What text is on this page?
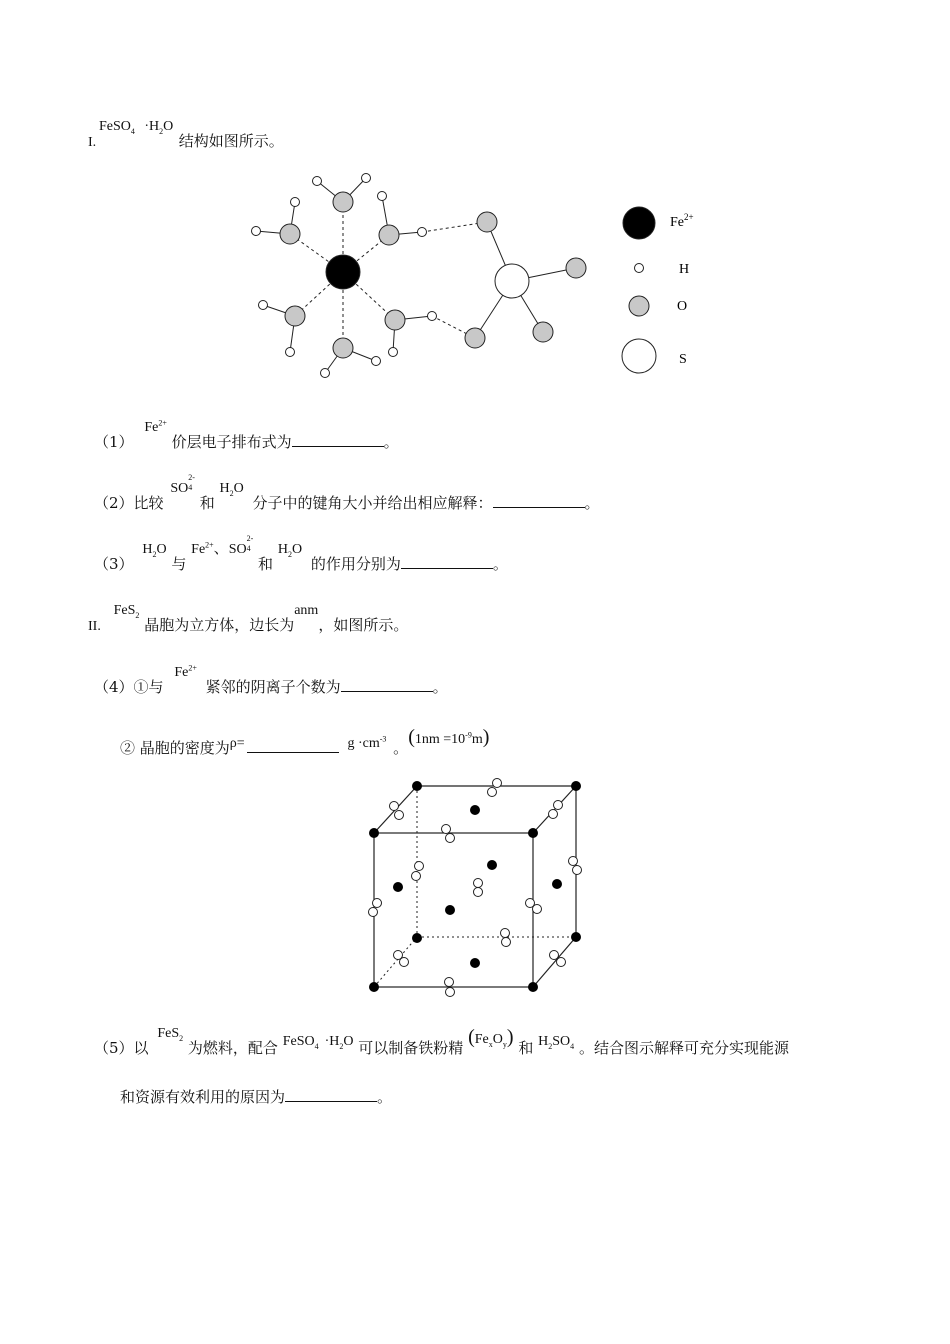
I. FeSO$_4$ $\cdot H_2O$ 结构如图所示。
$Fe^{2+}$
H
O
S
（1） $Fe^{2+}$ 价层电子排布式为	。
（2）比较 SO
2-
4
和 $H_2O$ 分子中的键角大小并给出相应解释：	。
（3） $H_2O$ 与 $Fe^{2+}$、SO
2-
4
和 $H_2O$ 的作用分别为	。
II. FeS$_2$ 晶胞为立方体，边长为anm，如图所示。
（4）①与 $Fe^{2+}$ 紧邻的阴离子个数为	。
② 晶胞的密度为ρ=	$g \cdot cm^{-3}$ 。$(1nm =10^{-9}m)$
（5）以 FeS$_2$ 为燃料，配合 FeSO$_4$ $\cdot H_2O$ 可以制备铁粉精 $(Fe_xO_y)$ 和 $H_2SO_4$ 。结合图示解释可充分实现能源
和资源有效利用的原因为	。
